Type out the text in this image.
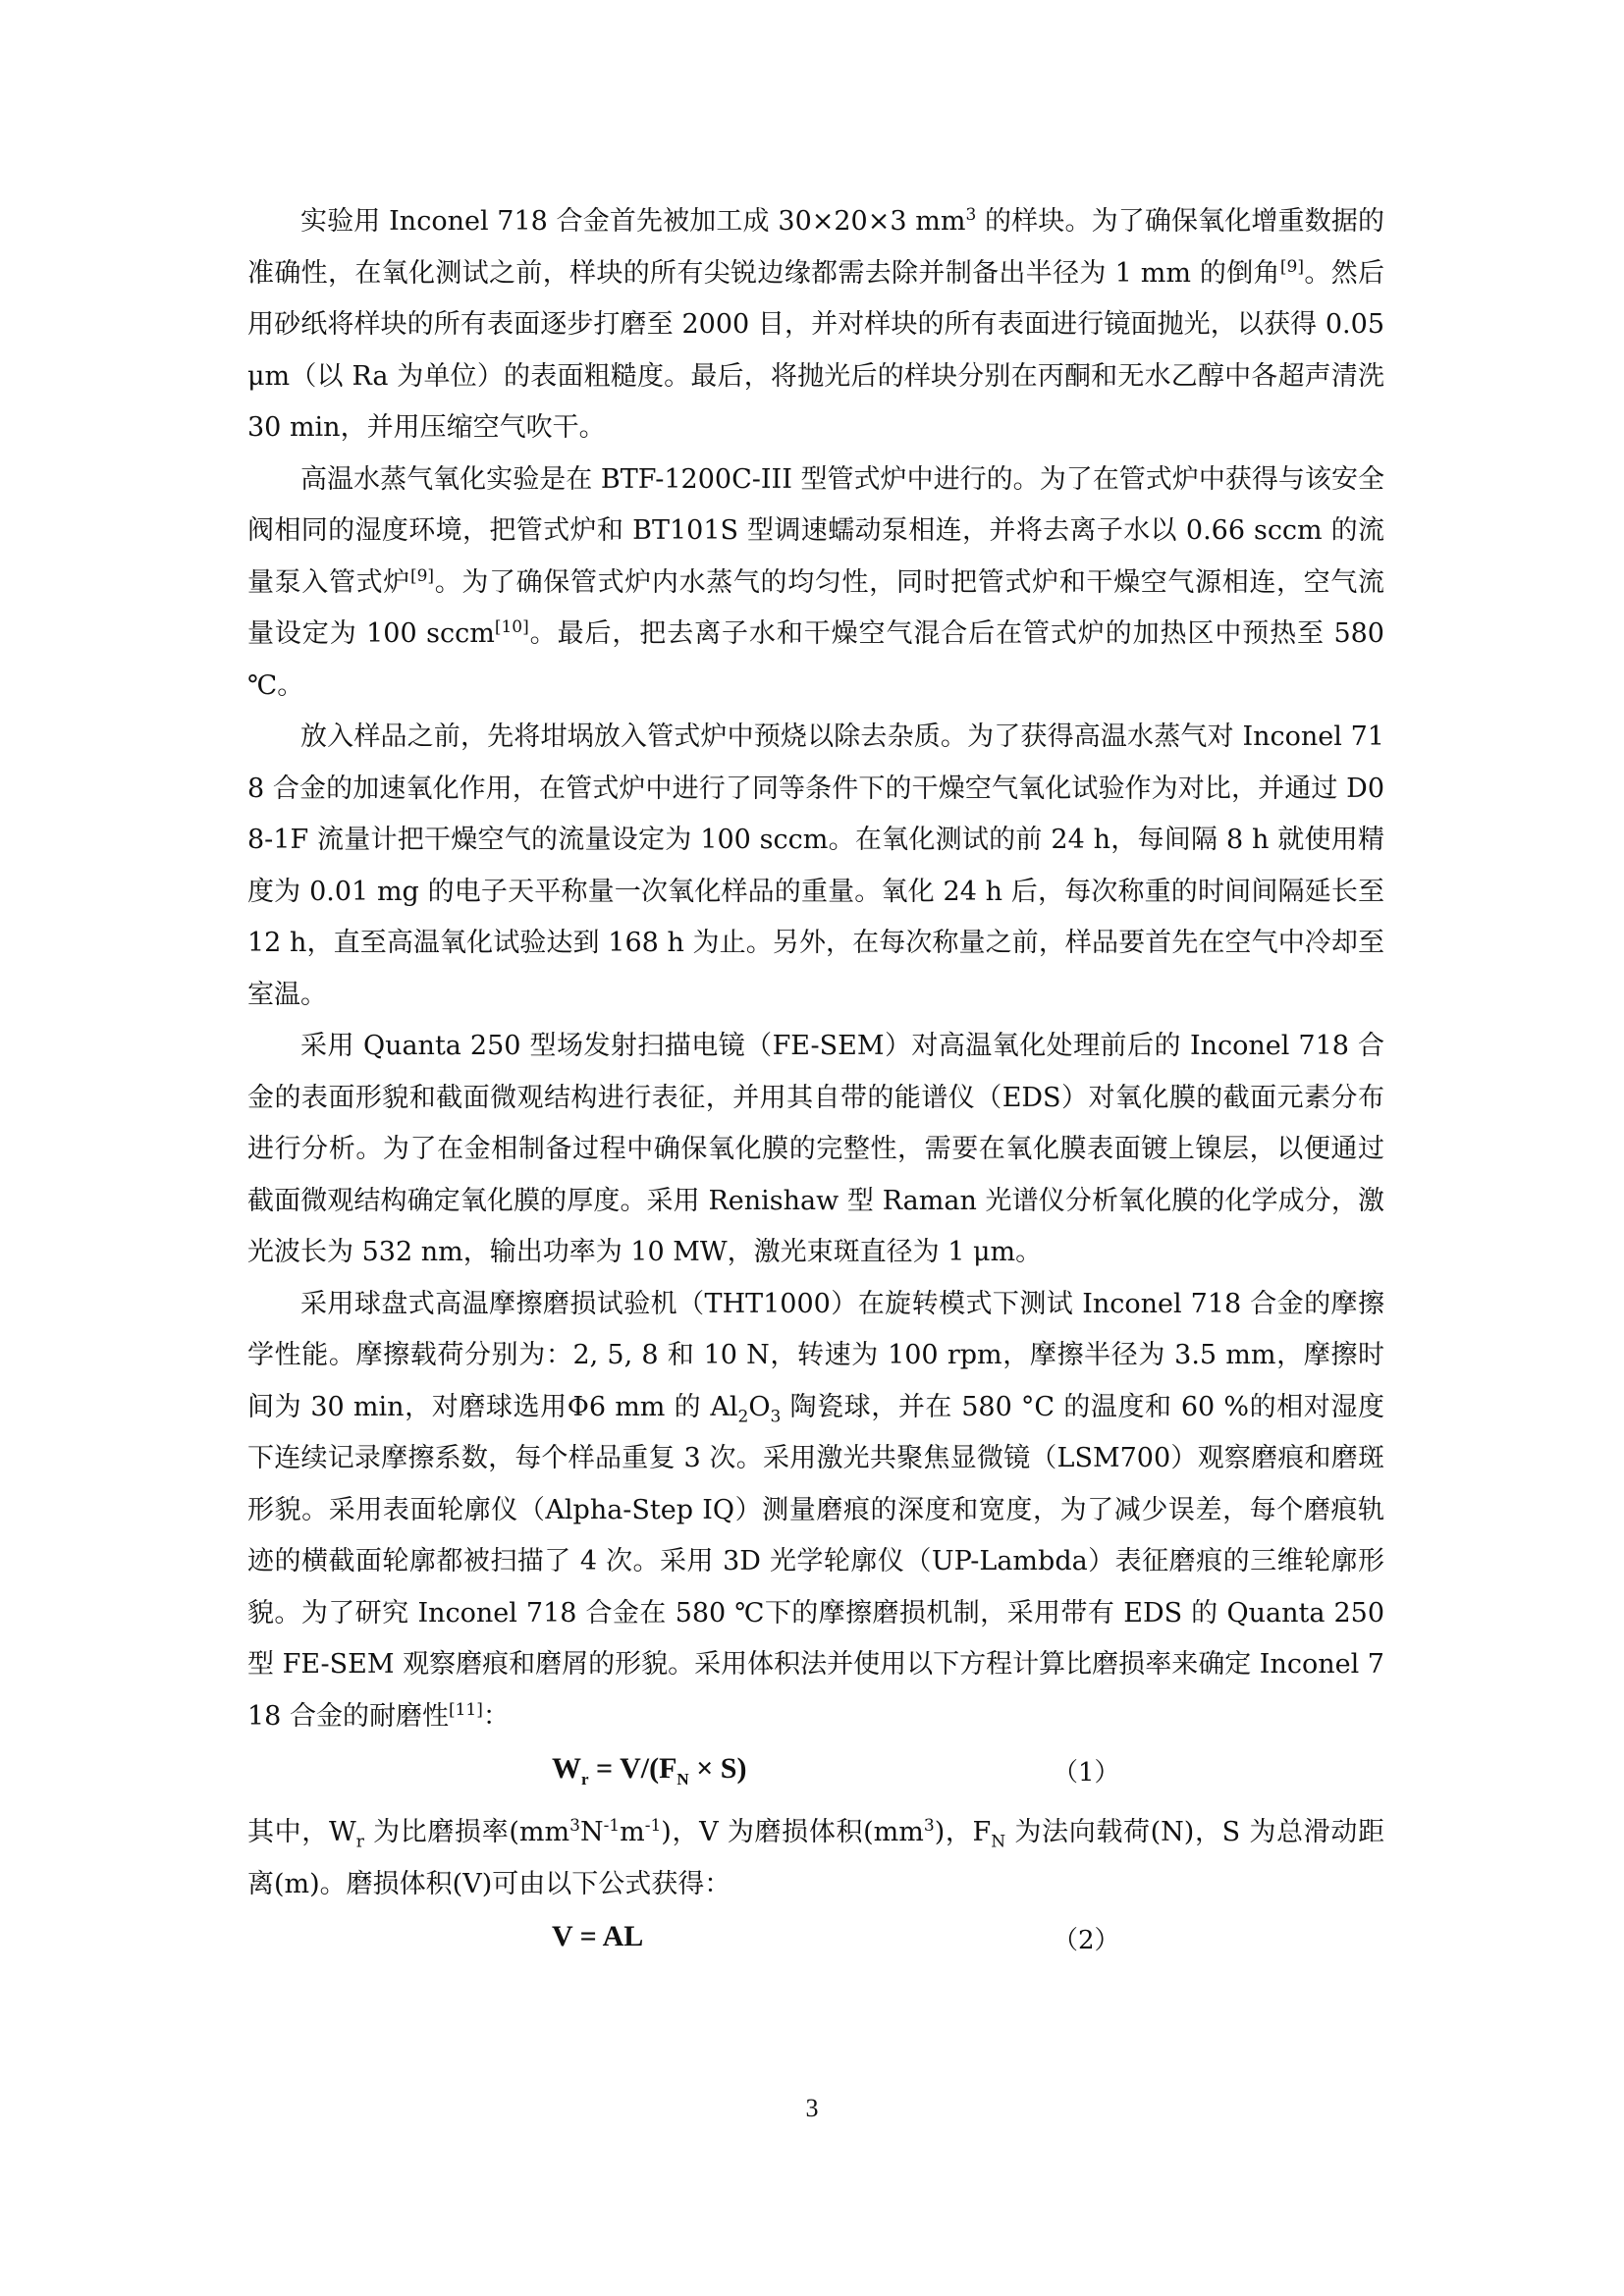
实验用 Inconel 718 合金首先被加工成 30×20×3 $mm^3$ 的样块。为了确保氧化增重数据的准确性，在氧化测试之前，样块的所有尖锐边缘都需去除并制备出半径为 1 mm 的倒角[9]。然后用砂纸将样块的所有表面逐步打磨至 2000 目，并对样块的所有表面进行镜面抛光，以获得 0.05 μm（以 Ra 为单位）的表面粗糙度。最后，将抛光后的样块分别在丙酮和无水乙醇中各超声清洗 30 min，并用压缩空气吹干。

高温水蒸气氧化实验是在 BTF-1200C-III 型管式炉中进行的。为了在管式炉中获得与该安全阀相同的湿度环境，把管式炉和 BT101S 型调速蠕动泵相连，并将去离子水以 0.66 sccm 的流量泵入管式炉[9]。为了确保管式炉内水蒸气的均匀性，同时把管式炉和干燥空气源相连，空气流量设定为 100 sccm[10]。最后，把去离子水和干燥空气混合后在管式炉的加热区中预热至 580 ℃。

放入样品之前，先将坩埚放入管式炉中预烧以除去杂质。为了获得高温水蒸气对 Inconel 718 合金的加速氧化作用，在管式炉中进行了同等条件下的干燥空气氧化试验作为对比，并通过 D08-1F 流量计把干燥空气的流量设定为 100 sccm。在氧化测试的前 24 h，每间隔 8 h 就使用精度为 0.01 mg 的电子天平称量一次氧化样品的重量。氧化 24 h 后，每次称重的时间间隔延长至 12 h，直至高温氧化试验达到 168 h 为止。另外，在每次称量之前，样品要首先在空气中冷却至室温。

采用 Quanta 250 型场发射扫描电镜（FE-SEM）对高温氧化处理前后的 Inconel 718 合金的表面形貌和截面微观结构进行表征，并用其自带的能谱仪（EDS）对氧化膜的截面元素分布进行分析。为了在金相制备过程中确保氧化膜的完整性，需要在氧化膜表面镀上镍层，以便通过截面微观结构确定氧化膜的厚度。采用 Renishaw 型 Raman 光谱仪分析氧化膜的化学成分，激光波长为 532 nm，输出功率为 10 MW，激光束斑直径为 1 μm。

采用球盘式高温摩擦磨损试验机（THT1000）在旋转模式下测试 Inconel 718 合金的摩擦学性能。摩擦载荷分别为：2, 5, 8 和 10 N，转速为 100 rpm，摩擦半径为 3.5 mm，摩擦时间为 30 min，对磨球选用Φ6 mm 的 $Al_2O_3$ 陶瓷球，并在 580 °C 的温度和 60 %的相对湿度下连续记录摩擦系数，每个样品重复 3 次。采用激光共聚焦显微镜（LSM700）观察磨痕和磨斑形貌。采用表面轮廓仪（Alpha-Step IQ）测量磨痕的深度和宽度，为了减少误差，每个磨痕轨迹的横截面轮廓都被扫描了 4 次。采用 3D 光学轮廓仪（UP-Lambda）表征磨痕的三维轮廓形貌。为了研究 Inconel 718 合金在 580 ℃下的摩擦磨损机制，采用带有 EDS 的 Quanta 250 型 FE-SEM 观察磨痕和磨屑的形貌。采用体积法并使用以下方程计算比磨损率来确定 Inconel 718 合金的耐磨性[11]：

$W_r = V/(F_N \times S)$	（1）

其中，$W_r$ 为比磨损率$(mm^3N^{-1}m^{-1})$，V 为磨损体积$(mm^3)$，$F_N$ 为法向载荷(N)，S 为总滑动距离(m)。磨损体积(V)可由以下公式获得：

V = AL	（2）
3
